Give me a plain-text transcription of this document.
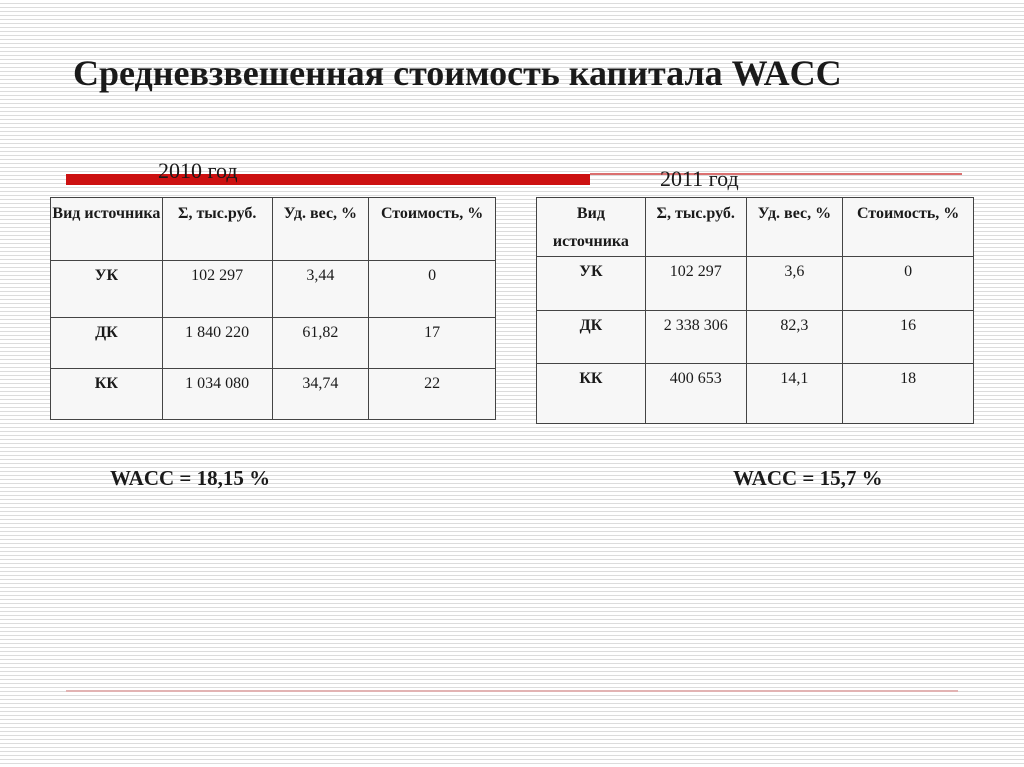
Средневзвешенная стоимость капитала WACC
2010 год	2011 год
Вид источника	Σ, тыс.руб.	Уд. вес, %	Стоимость, %
УК	102 297	3,44	0
ДК	1 840 220	61,82	17
КК	1 034 080	34,74	22
Вид источника	Σ, тыс.руб.	Уд. вес, %	Стоимость, %
УК	102 297	3,6	0
ДК	2 338 306	82,3	16
КК	400 653	14,1	18
WACC = 18,15 %	WACC = 15,7 %
